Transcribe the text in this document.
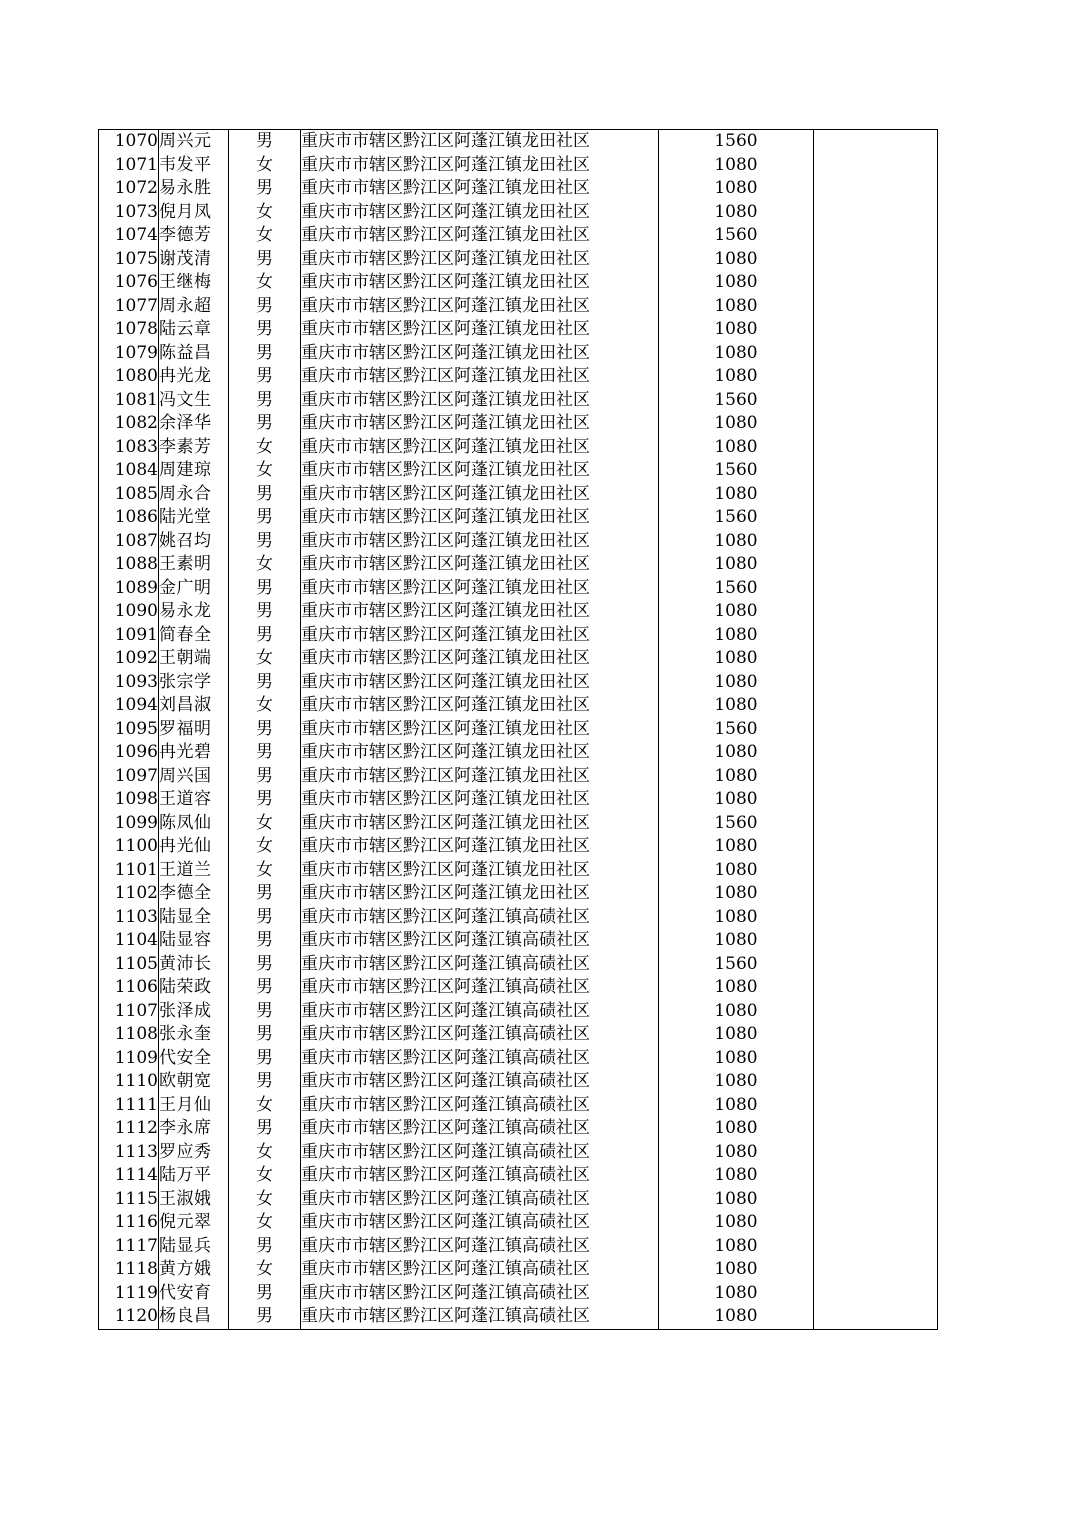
1070	周兴元	男	重庆市市辖区黔江区阿蓬江镇龙田社区	1560	
1071	韦发平	女	重庆市市辖区黔江区阿蓬江镇龙田社区	1080	
1072	易永胜	男	重庆市市辖区黔江区阿蓬江镇龙田社区	1080	
1073	倪月凤	女	重庆市市辖区黔江区阿蓬江镇龙田社区	1080	
1074	李德芳	女	重庆市市辖区黔江区阿蓬江镇龙田社区	1560	
1075	谢茂清	男	重庆市市辖区黔江区阿蓬江镇龙田社区	1080	
1076	王继梅	女	重庆市市辖区黔江区阿蓬江镇龙田社区	1080	
1077	周永超	男	重庆市市辖区黔江区阿蓬江镇龙田社区	1080	
1078	陆云章	男	重庆市市辖区黔江区阿蓬江镇龙田社区	1080	
1079	陈益昌	男	重庆市市辖区黔江区阿蓬江镇龙田社区	1080	
1080	冉光龙	男	重庆市市辖区黔江区阿蓬江镇龙田社区	1080	
1081	冯文生	男	重庆市市辖区黔江区阿蓬江镇龙田社区	1560	
1082	余泽华	男	重庆市市辖区黔江区阿蓬江镇龙田社区	1080	
1083	李素芳	女	重庆市市辖区黔江区阿蓬江镇龙田社区	1080	
1084	周建琼	女	重庆市市辖区黔江区阿蓬江镇龙田社区	1560	
1085	周永合	男	重庆市市辖区黔江区阿蓬江镇龙田社区	1080	
1086	陆光堂	男	重庆市市辖区黔江区阿蓬江镇龙田社区	1560	
1087	姚召均	男	重庆市市辖区黔江区阿蓬江镇龙田社区	1080	
1088	王素明	女	重庆市市辖区黔江区阿蓬江镇龙田社区	1080	
1089	金广明	男	重庆市市辖区黔江区阿蓬江镇龙田社区	1560	
1090	易永龙	男	重庆市市辖区黔江区阿蓬江镇龙田社区	1080	
1091	简春全	男	重庆市市辖区黔江区阿蓬江镇龙田社区	1080	
1092	王朝端	女	重庆市市辖区黔江区阿蓬江镇龙田社区	1080	
1093	张宗学	男	重庆市市辖区黔江区阿蓬江镇龙田社区	1080	
1094	刘昌淑	女	重庆市市辖区黔江区阿蓬江镇龙田社区	1080	
1095	罗福明	男	重庆市市辖区黔江区阿蓬江镇龙田社区	1560	
1096	冉光碧	男	重庆市市辖区黔江区阿蓬江镇龙田社区	1080	
1097	周兴国	男	重庆市市辖区黔江区阿蓬江镇龙田社区	1080	
1098	王道容	男	重庆市市辖区黔江区阿蓬江镇龙田社区	1080	
1099	陈凤仙	女	重庆市市辖区黔江区阿蓬江镇龙田社区	1560	
1100	冉光仙	女	重庆市市辖区黔江区阿蓬江镇龙田社区	1080	
1101	王道兰	女	重庆市市辖区黔江区阿蓬江镇龙田社区	1080	
1102	李德全	男	重庆市市辖区黔江区阿蓬江镇龙田社区	1080	
1103	陆显全	男	重庆市市辖区黔江区阿蓬江镇高碛社区	1080	
1104	陆显容	男	重庆市市辖区黔江区阿蓬江镇高碛社区	1080	
1105	黄沛长	男	重庆市市辖区黔江区阿蓬江镇高碛社区	1560	
1106	陆荣政	男	重庆市市辖区黔江区阿蓬江镇高碛社区	1080	
1107	张泽成	男	重庆市市辖区黔江区阿蓬江镇高碛社区	1080	
1108	张永奎	男	重庆市市辖区黔江区阿蓬江镇高碛社区	1080	
1109	代安全	男	重庆市市辖区黔江区阿蓬江镇高碛社区	1080	
1110	欧朝宽	男	重庆市市辖区黔江区阿蓬江镇高碛社区	1080	
1111	王月仙	女	重庆市市辖区黔江区阿蓬江镇高碛社区	1080	
1112	李永席	男	重庆市市辖区黔江区阿蓬江镇高碛社区	1080	
1113	罗应秀	女	重庆市市辖区黔江区阿蓬江镇高碛社区	1080	
1114	陆万平	女	重庆市市辖区黔江区阿蓬江镇高碛社区	1080	
1115	王淑娥	女	重庆市市辖区黔江区阿蓬江镇高碛社区	1080	
1116	倪元翠	女	重庆市市辖区黔江区阿蓬江镇高碛社区	1080	
1117	陆显兵	男	重庆市市辖区黔江区阿蓬江镇高碛社区	1080	
1118	黄方娥	女	重庆市市辖区黔江区阿蓬江镇高碛社区	1080	
1119	代安育	男	重庆市市辖区黔江区阿蓬江镇高碛社区	1080	
1120	杨良昌	男	重庆市市辖区黔江区阿蓬江镇高碛社区	1080	
